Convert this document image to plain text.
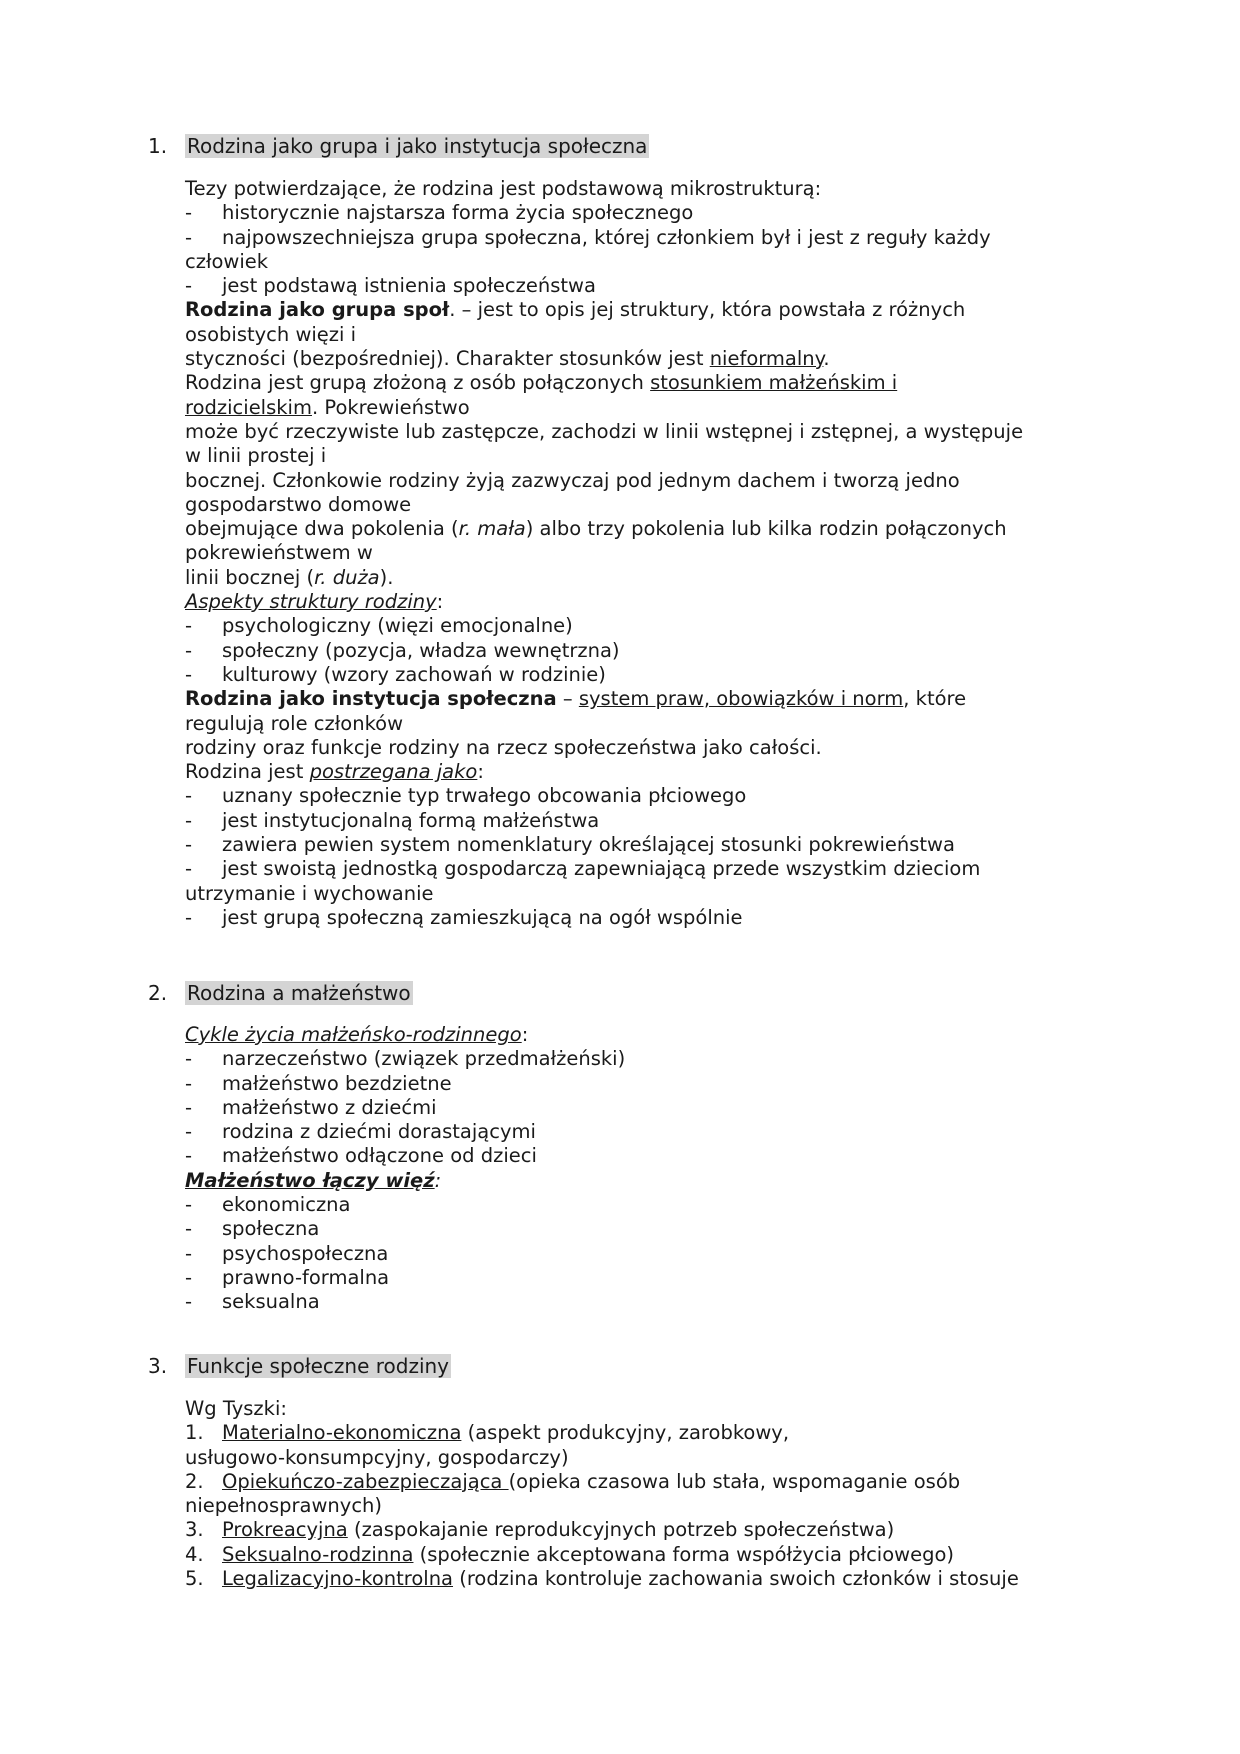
1. Rodzina jako grupa i jako instytucja społeczna
Tezy potwierdzające, że rodzina jest podstawową mikrostrukturą:
- historycznie najstarsza forma życia społecznego
- najpowszechniejsza grupa społeczna, której członkiem był i jest z reguły każdy
człowiek
- jest podstawą istnienia społeczeństwa
Rodzina jako grupa społ. – jest to opis jej struktury, która powstała z różnych
osobistych więzi i
styczności (bezpośredniej). Charakter stosunków jest nieformalny.
Rodzina jest grupą złożoną z osób połączonych stosunkiem małżeńskim i
rodzicielskim. Pokrewieństwo
może być rzeczywiste lub zastępcze, zachodzi w linii wstępnej i zstępnej, a występuje
w linii prostej i
bocznej. Członkowie rodziny żyją zazwyczaj pod jednym dachem i tworzą jedno
gospodarstwo domowe
obejmujące dwa pokolenia (r. mała) albo trzy pokolenia lub kilka rodzin połączonych
pokrewieństwem w
linii bocznej (r. duża).
Aspekty struktury rodziny:
- psychologiczny (więzi emocjonalne)
- społeczny (pozycja, władza wewnętrzna)
- kulturowy (wzory zachowań w rodzinie)
Rodzina jako instytucja społeczna – system praw, obowiązków i norm, które
regulują role członków
rodziny oraz funkcje rodziny na rzecz społeczeństwa jako całości.
Rodzina jest postrzegana jako:
- uznany społecznie typ trwałego obcowania płciowego
- jest instytucjonalną formą małżeństwa
- zawiera pewien system nomenklatury określającej stosunki pokrewieństwa
- jest swoistą jednostką gospodarczą zapewniającą przede wszystkim dzieciom
utrzymanie i wychowanie
- jest grupą społeczną zamieszkującą na ogół wspólnie
2. Rodzina a małżeństwo
Cykle życia małżeńsko-rodzinnego:
- narzeczeństwo (związek przedmałżeński)
- małżeństwo bezdzietne
- małżeństwo z dziećmi
- rodzina z dziećmi dorastającymi
- małżeństwo odłączone od dzieci
Małżeństwo łączy więź:
- ekonomiczna
- społeczna
- psychospołeczna
- prawno-formalna
- seksualna
3. Funkcje społeczne rodziny
Wg Tyszki:
1. Materialno-ekonomiczna (aspekt produkcyjny, zarobkowy,
usługowo-konsumpcyjny, gospodarczy)
2. Opiekuńczo-zabezpieczająca (opieka czasowa lub stała, wspomaganie osób
niepełnosprawnych)
3. Prokreacyjna (zaspokajanie reprodukcyjnych potrzeb społeczeństwa)
4. Seksualno-rodzinna (społecznie akceptowana forma współżycia płciowego)
5. Legalizacyjno-kontrolna (rodzina kontroluje zachowania swoich członków i stosuje
